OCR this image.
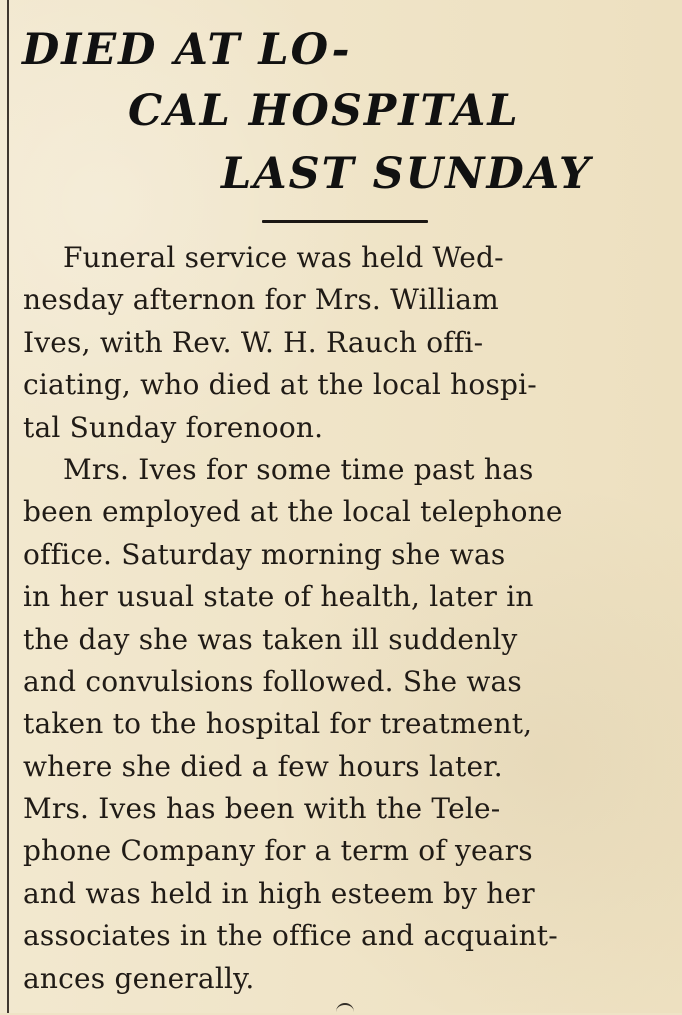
DIED AT LO-
CAL HOSPITAL
LAST SUNDAY
Funeral service was held Wed-
nesday afternon for Mrs. William
Ives, with Rev. W. H. Rauch offi-
ciating, who died at the local hospi-
tal Sunday forenoon.
Mrs. Ives for some time past has
been employed at the local telephone
office. Saturday morning she was
in her usual state of health, later in
the day she was taken ill suddenly
and convulsions followed. She was
taken to the hospital for treatment,
where she died a few hours later.
Mrs. Ives has been with the Tele-
phone Company for a term of years
and was held in high esteem by her
associates in the office and acquaint-
ances generally.
